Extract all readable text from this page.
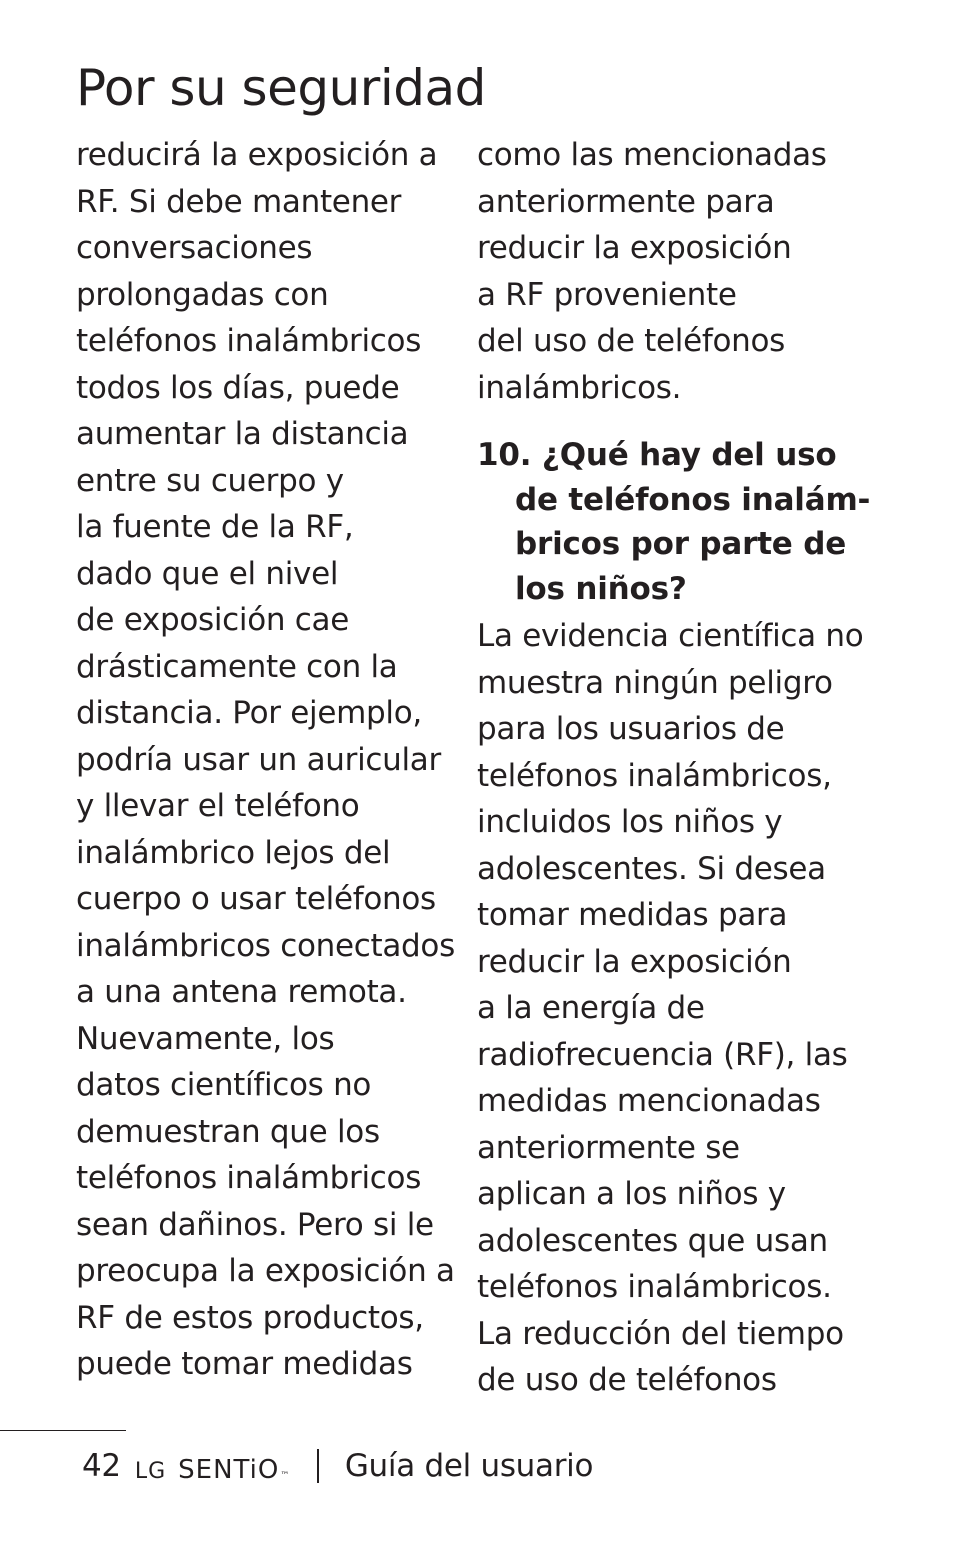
Por su seguridad
reducirá la exposición a
RF. Si debe mantener
conversaciones
prolongadas con
teléfonos inalámbricos
todos los días, puede
aumentar la distancia
entre su cuerpo y
la fuente de la RF,
dado que el nivel
de exposición cae
drásticamente con la
distancia. Por ejemplo,
podría usar un auricular
y llevar el teléfono
inalámbrico lejos del
cuerpo o usar teléfonos
inalámbricos conectados
a una antena remota.
Nuevamente, los
datos científicos no
demuestran que los
teléfonos inalámbricos
sean dañinos. Pero si le
preocupa la exposición a
RF de estos productos,
puede tomar medidas
como las mencionadas
anteriormente para
reducir la exposición
a RF proveniente
del uso de teléfonos
inalámbricos.
10. ¿Qué hay del uso
de teléfonos inalám-
bricos por parte de
los niños?
La evidencia científica no
muestra ningún peligro
para los usuarios de
teléfonos inalámbricos,
incluidos los niños y
adolescentes. Si desea
tomar medidas para
reducir la exposición
a la energía de
radiofrecuencia (RF), las
medidas mencionadas
anteriormente se
aplican a los niños y
adolescentes que usan
teléfonos inalámbricos.
La reducción del tiempo
de uso de teléfonos
42 LG SENTiO ™ Guía del usuario
